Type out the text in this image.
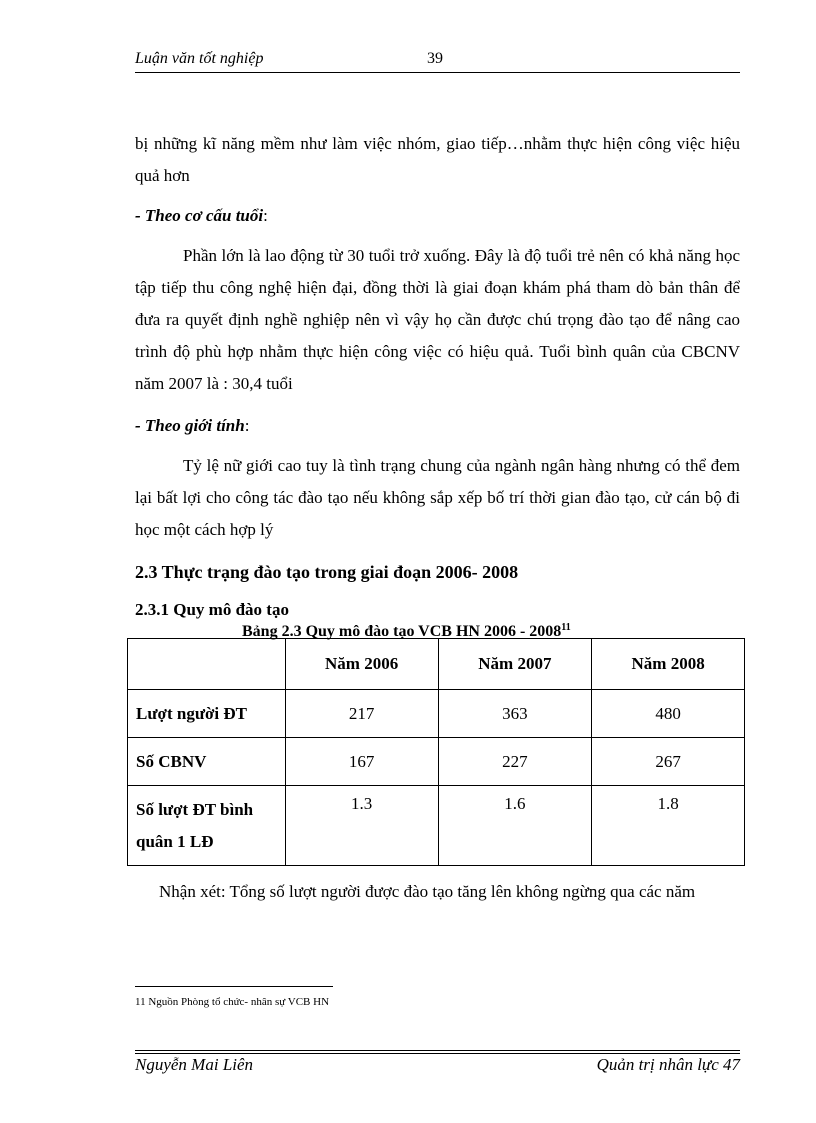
Luận văn tốt nghiệp	39

bị những kĩ năng mềm như làm việc nhóm, giao tiếp…nhằm thực hiện công việc hiệu quả hơn

- Theo cơ cấu tuổi:

Phần lớn là lao động từ 30 tuổi trở xuống. Đây là độ tuổi trẻ nên có khả năng học tập tiếp thu công nghệ hiện đại, đồng thời là giai đoạn khám phá tham dò bản thân để đưa ra quyết định nghề nghiệp nên vì vậy họ cần được chú trọng đào tạo để nâng cao trình độ phù hợp nhằm thực hiện công việc có hiệu quả. Tuổi bình quân của CBCNV năm 2007 là : 30,4 tuổi

- Theo giới tính:

Tỷ lệ nữ giới cao tuy là tình trạng chung của ngành ngân hàng nhưng có thể đem lại bất lợi cho công tác đào tạo nếu không sắp xếp bố trí thời gian đào tạo, cử cán bộ đi học một cách hợp lý

2.3 Thực trạng đào tạo trong giai đoạn 2006- 2008
2.3.1 Quy mô đào tạo
Bảng 2.3 Quy mô đào tạo VCB HN 2006 - 2008$^{11}$
	Năm 2006	Năm 2007	Năm 2008
Lượt người ĐT	217	363	480
Số CBNV	167	227	267
Số lượt ĐT bình quân 1 LĐ	1.3	1.6	1.8

Nhận xét: Tổng số lượt người được đào tạo tăng lên không ngừng qua các năm

11 Nguồn Phòng tổ chức- nhân sự VCB HN
Nguyễn Mai Liên	Quản trị nhân lực 47
